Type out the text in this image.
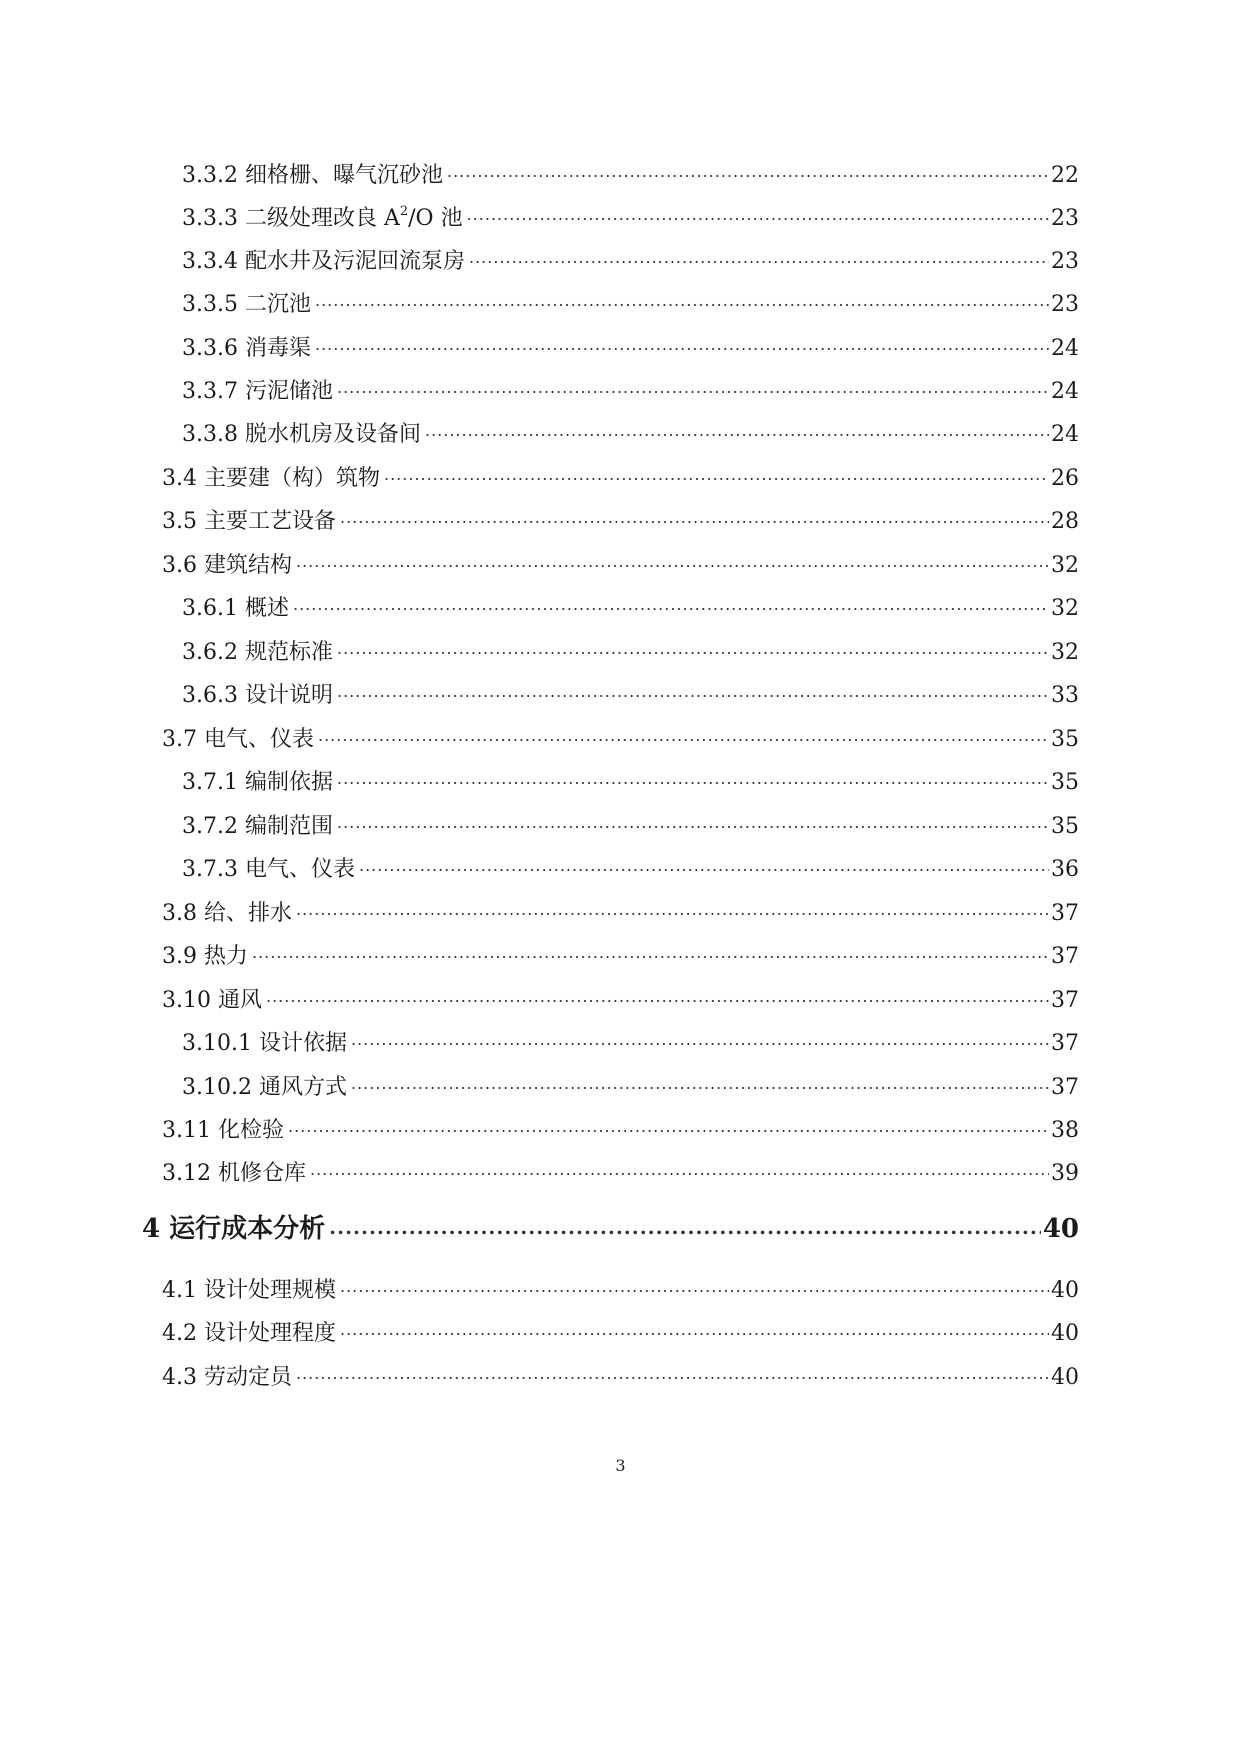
3.3.2 细格栅、曝气沉砂池 .....	22
3.3.3 二级处理改良 $A^2/O$ 池 .....	23
3.3.4 配水井及污泥回流泵房 .....	23
3.3.5 二沉池 .....	23
3.3.6 消毒渠 .....	24
3.3.7 污泥储池 .....	24
3.3.8 脱水机房及设备间 .....	24
3.4 主要建（构）筑物 .....	26
3.5 主要工艺设备 .....	28
3.6 建筑结构 .....	32
3.6.1 概述 .....	32
3.6.2 规范标准 .....	32
3.6.3 设计说明 .....	33
3.7 电气、仪表 .....	35
3.7.1 编制依据 .....	35
3.7.2 编制范围 .....	35
3.7.3 电气、仪表 .....	36
3.8 给、排水 .....	37
3.9 热力 .....	37
3.10 通风 .....	37
3.10.1 设计依据 .....	37
3.10.2 通风方式 .....	37
3.11 化检验 .....	38
3.12 机修仓库 .....	39
4 运行成本分析 .....	40
4.1 设计处理规模 .....	40
4.2 设计处理程度 .....	40
4.3 劳动定员 .....	40
3
